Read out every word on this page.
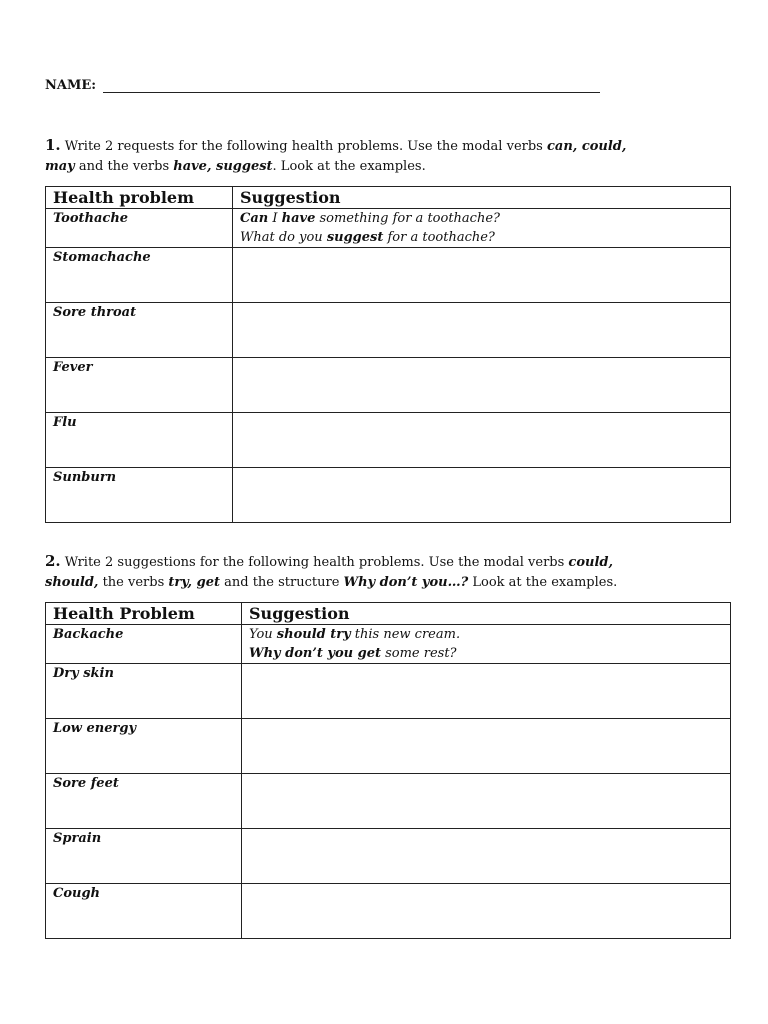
NAME:
1. Write 2 requests for the following health problems. Use the modal verbs can, could,
may and the verbs have, suggest. Look at the examples.
Health problem	Suggestion
Toothache	Can I have something for a toothache?
What do you suggest for a toothache?
Stomachache	
Sore throat	
Fever	
Flu	
Sunburn	
2. Write 2 suggestions for the following health problems. Use the modal verbs could,
should, the verbs try, get and the structure Why don’t you…? Look at the examples.
Health Problem	Suggestion
Backache	You should try this new cream.
Why don’t you get some rest?
Dry skin	
Low energy	
Sore feet	
Sprain	
Cough	
